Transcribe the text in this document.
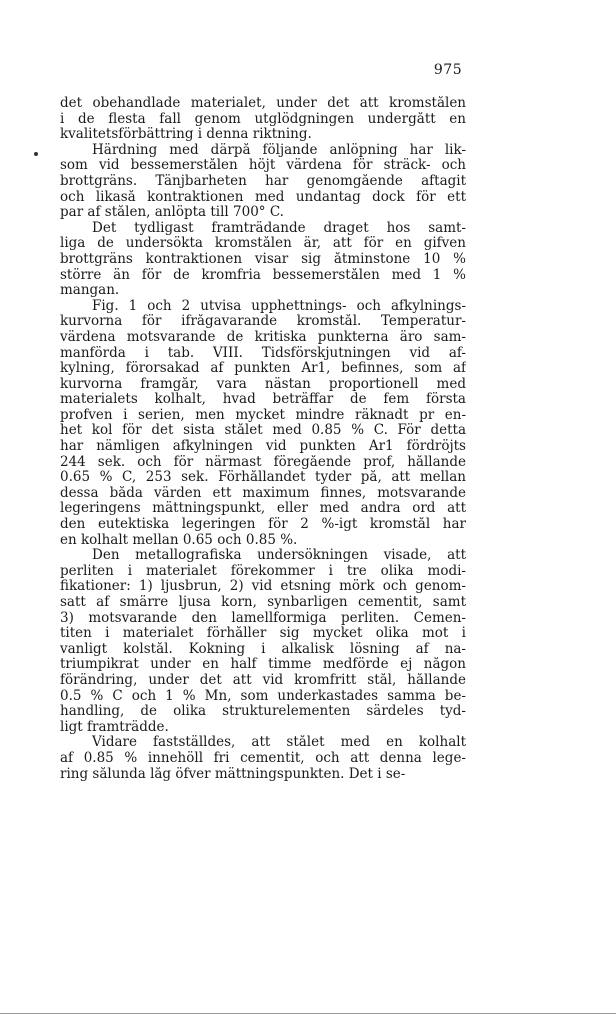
975
det obehandlade materialet, under det att kromstålen
i de flesta fall genom utglödgningen undergått en
kvalitetsförbättring i denna riktning.
Härdning med därpå följande anlöpning har lik-
som vid bessemerstålen höjt värdena för sträck- och
brottgräns. Tänjbarheten har genomgående aftagit
och likaså kontraktionen med undantag dock för ett
par af stålen, anlöpta till 700° C.
Det tydligast framträdande draget hos samt-
liga de undersökta kromstålen är, att för en gifven
brottgräns kontraktionen visar sig åtminstone 10 %
större än för de kromfria bessemerstålen med 1 %
mangan.
Fig. 1 och 2 utvisa upphettnings- och afkylnings-
kurvorna för ifrågavarande kromstål. Temperatur-
värdena motsvarande de kritiska punkterna äro sam-
manförda i tab. VIII. Tidsförskjutningen vid af-
kylning, förorsakad af punkten Ar1, befinnes, som af
kurvorna framgår, vara nästan proportionell med
materialets kolhalt, hvad beträffar de fem första
profven i serien, men mycket mindre räknadt pr en-
het kol för det sista stålet med 0.85 % C. För detta
har nämligen afkylningen vid punkten Ar1 fördröjts
244 sek. och för närmast föregående prof, hållande
0.65 % C, 253 sek. Förhållandet tyder på, att mellan
dessa båda värden ett maximum finnes, motsvarande
legeringens mättningspunkt, eller med andra ord att
den eutektiska legeringen för 2 %-igt kromstål har
en kolhalt mellan 0.65 och 0.85 %.
Den metallografiska undersökningen visade, att
perliten i materialet förekommer i tre olika modi-
fikationer: 1) ljusbrun, 2) vid etsning mörk och genom-
satt af smärre ljusa korn, synbarligen cementit, samt
3) motsvarande den lamellformiga perliten. Cemen-
titen i materialet förhåller sig mycket olika mot i
vanligt kolstål. Kokning i alkalisk lösning af na-
triumpikrat under en half timme medförde ej någon
förändring, under det att vid kromfritt stål, hållande
0.5 % C och 1 % Mn, som underkastades samma be-
handling, de olika strukturelementen särdeles tyd-
ligt framträdde.
Vidare fastställdes, att stålet med en kolhalt
af 0.85 % innehöll fri cementit, och att denna lege-
ring sålunda låg öfver mättningspunkten. Det i se-
